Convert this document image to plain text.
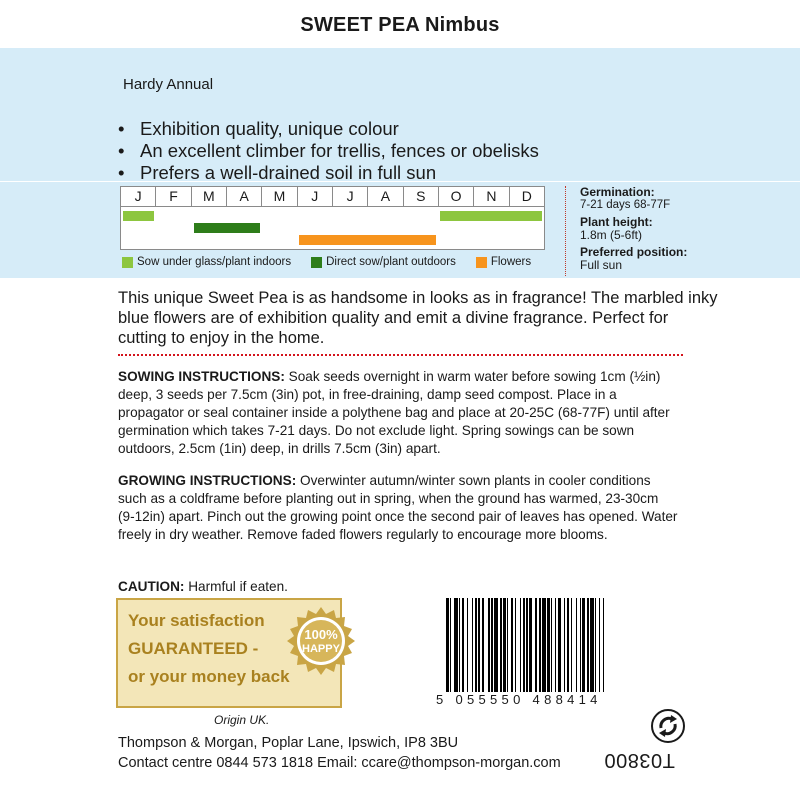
SWEET PEA Nimbus
Hardy Annual
• Exhibition quality, unique colour
• An excellent climber for trellis, fences or obelisks
• Prefers a well-drained soil in full sun
J	F	M	A	M	J	J	A	S	O	N	D
Sow under glass/plant indoors	Direct sow/plant outdoors	Flowers
Germination:
7-21 days 68-77F
Plant height:
1.8m (5-6ft)
Preferred position:
Full sun
This unique Sweet Pea is as handsome in looks as in fragrance! The marbled inky blue flowers are of exhibition quality and emit a divine fragrance. Perfect for cutting to enjoy in the home.
SOWING INSTRUCTIONS: Soak seeds overnight in warm water before sowing 1cm (½in) deep, 3 seeds per 7.5cm (3in) pot, in free-draining, damp seed compost. Place in a propagator or seal container inside a polythene bag and place at 20-25C (68-77F) until after germination which takes 7-21 days. Do not exclude light. Spring sowings can be sown outdoors, 2.5cm (1in) deep, in drills 7.5cm (3in) apart.
GROWING INSTRUCTIONS: Overwinter autumn/winter sown plants in cooler conditions such as a coldframe before planting out in spring, when the ground has warmed, 23-30cm (9-12in) apart. Pinch out the growing point once the second pair of leaves has opened. Water freely in dry weather. Remove faded flowers regularly to encourage more blooms.
CAUTION: Harmful if eaten.
Your satisfaction
GUARANTEED -
or your money back
100%
HAPPY
5 055550 488414
Origin UK.
Thompson & Morgan, Poplar Lane, Ipswich, IP8 3BU
Contact centre 0844 573 1818 Email: ccare@thompson-morgan.com T03800
